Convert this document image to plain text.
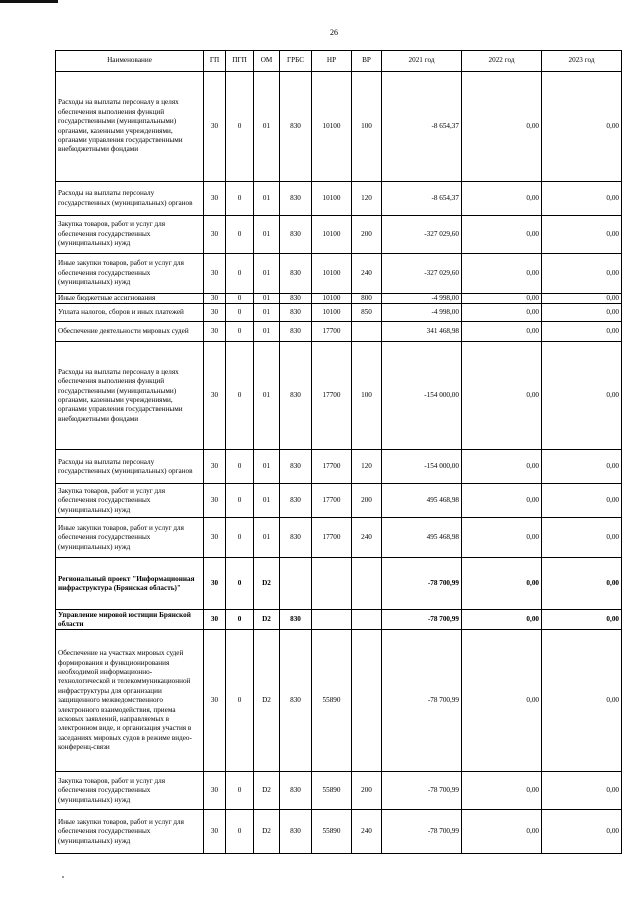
26
Наименование	ГП	ПГП	ОМ	ГРБС	НР	ВР	2021 год	2022 год	2023 год
Расходы на выплаты персоналу в целях обеспечения выполнения функций государственными (муниципальными) органами, казенными учреждениями, органами управления государственными внебюджетными фондами	30	0	01	830	10100	100	-8 654,37	0,00	0,00
Расходы на выплаты персоналу государственных (муниципальных) органов	30	0	01	830	10100	120	-8 654,37	0,00	0,00
Закупка товаров, работ и услуг для обеспечения государственных (муниципальных) нужд	30	0	01	830	10100	200	-327 029,60	0,00	0,00
Иные закупки товаров, работ и услуг для обеспечения государственных (муниципальных) нужд	30	0	01	830	10100	240	-327 029,60	0,00	0,00
Иные бюджетные ассигнования	30	0	01	830	10100	800	-4 998,00	0,00	0,00
Уплата налогов, сборов и иных платежей	30	0	01	830	10100	850	-4 998,00	0,00	0,00
Обеспечение деятельности мировых судей	30	0	01	830	17700		341 468,98	0,00	0,00
Расходы на выплаты персоналу в целях обеспечения выполнения функций государственными (муниципальными) органами, казенными учреждениями, органами управления государственными внебюджетными фондами	30	0	01	830	17700	100	-154 000,00	0,00	0,00
Расходы на выплаты персоналу государственных (муниципальных) органов	30	0	01	830	17700	120	-154 000,00	0,00	0,00
Закупка товаров, работ и услуг для обеспечения государственных (муниципальных) нужд	30	0	01	830	17700	200	495 468,98	0,00	0,00
Иные закупки товаров, работ и услуг для обеспечения государственных (муниципальных) нужд	30	0	01	830	17700	240	495 468,98	0,00	0,00
Региональный проект "Информационная инфраструктура (Брянская область)"	30	0	D2				-78 700,99	0,00	0,00
Управление мировой юстиции Брянской области	30	0	D2	830			-78 700,99	0,00	0,00
Обеспечение на участках мировых судей формирования и функционирования необходимой информационно-технологической и телекоммуникационной инфраструктуры для организации защищенного межведомственного электронного взаимодействия, приема исковых заявлений, направляемых в электронном виде, и организация участия в заседаниях мировых судов в режиме видео-конференц-связи	30	0	D2	830	55890		-78 700,99	0,00	0,00
Закупка товаров, работ и услуг для обеспечения государственных (муниципальных) нужд	30	0	D2	830	55890	200	-78 700,99	0,00	0,00
Иные закупки товаров, работ и услуг для обеспечения государственных (муниципальных) нужд	30	0	D2	830	55890	240	-78 700,99	0,00	0,00
